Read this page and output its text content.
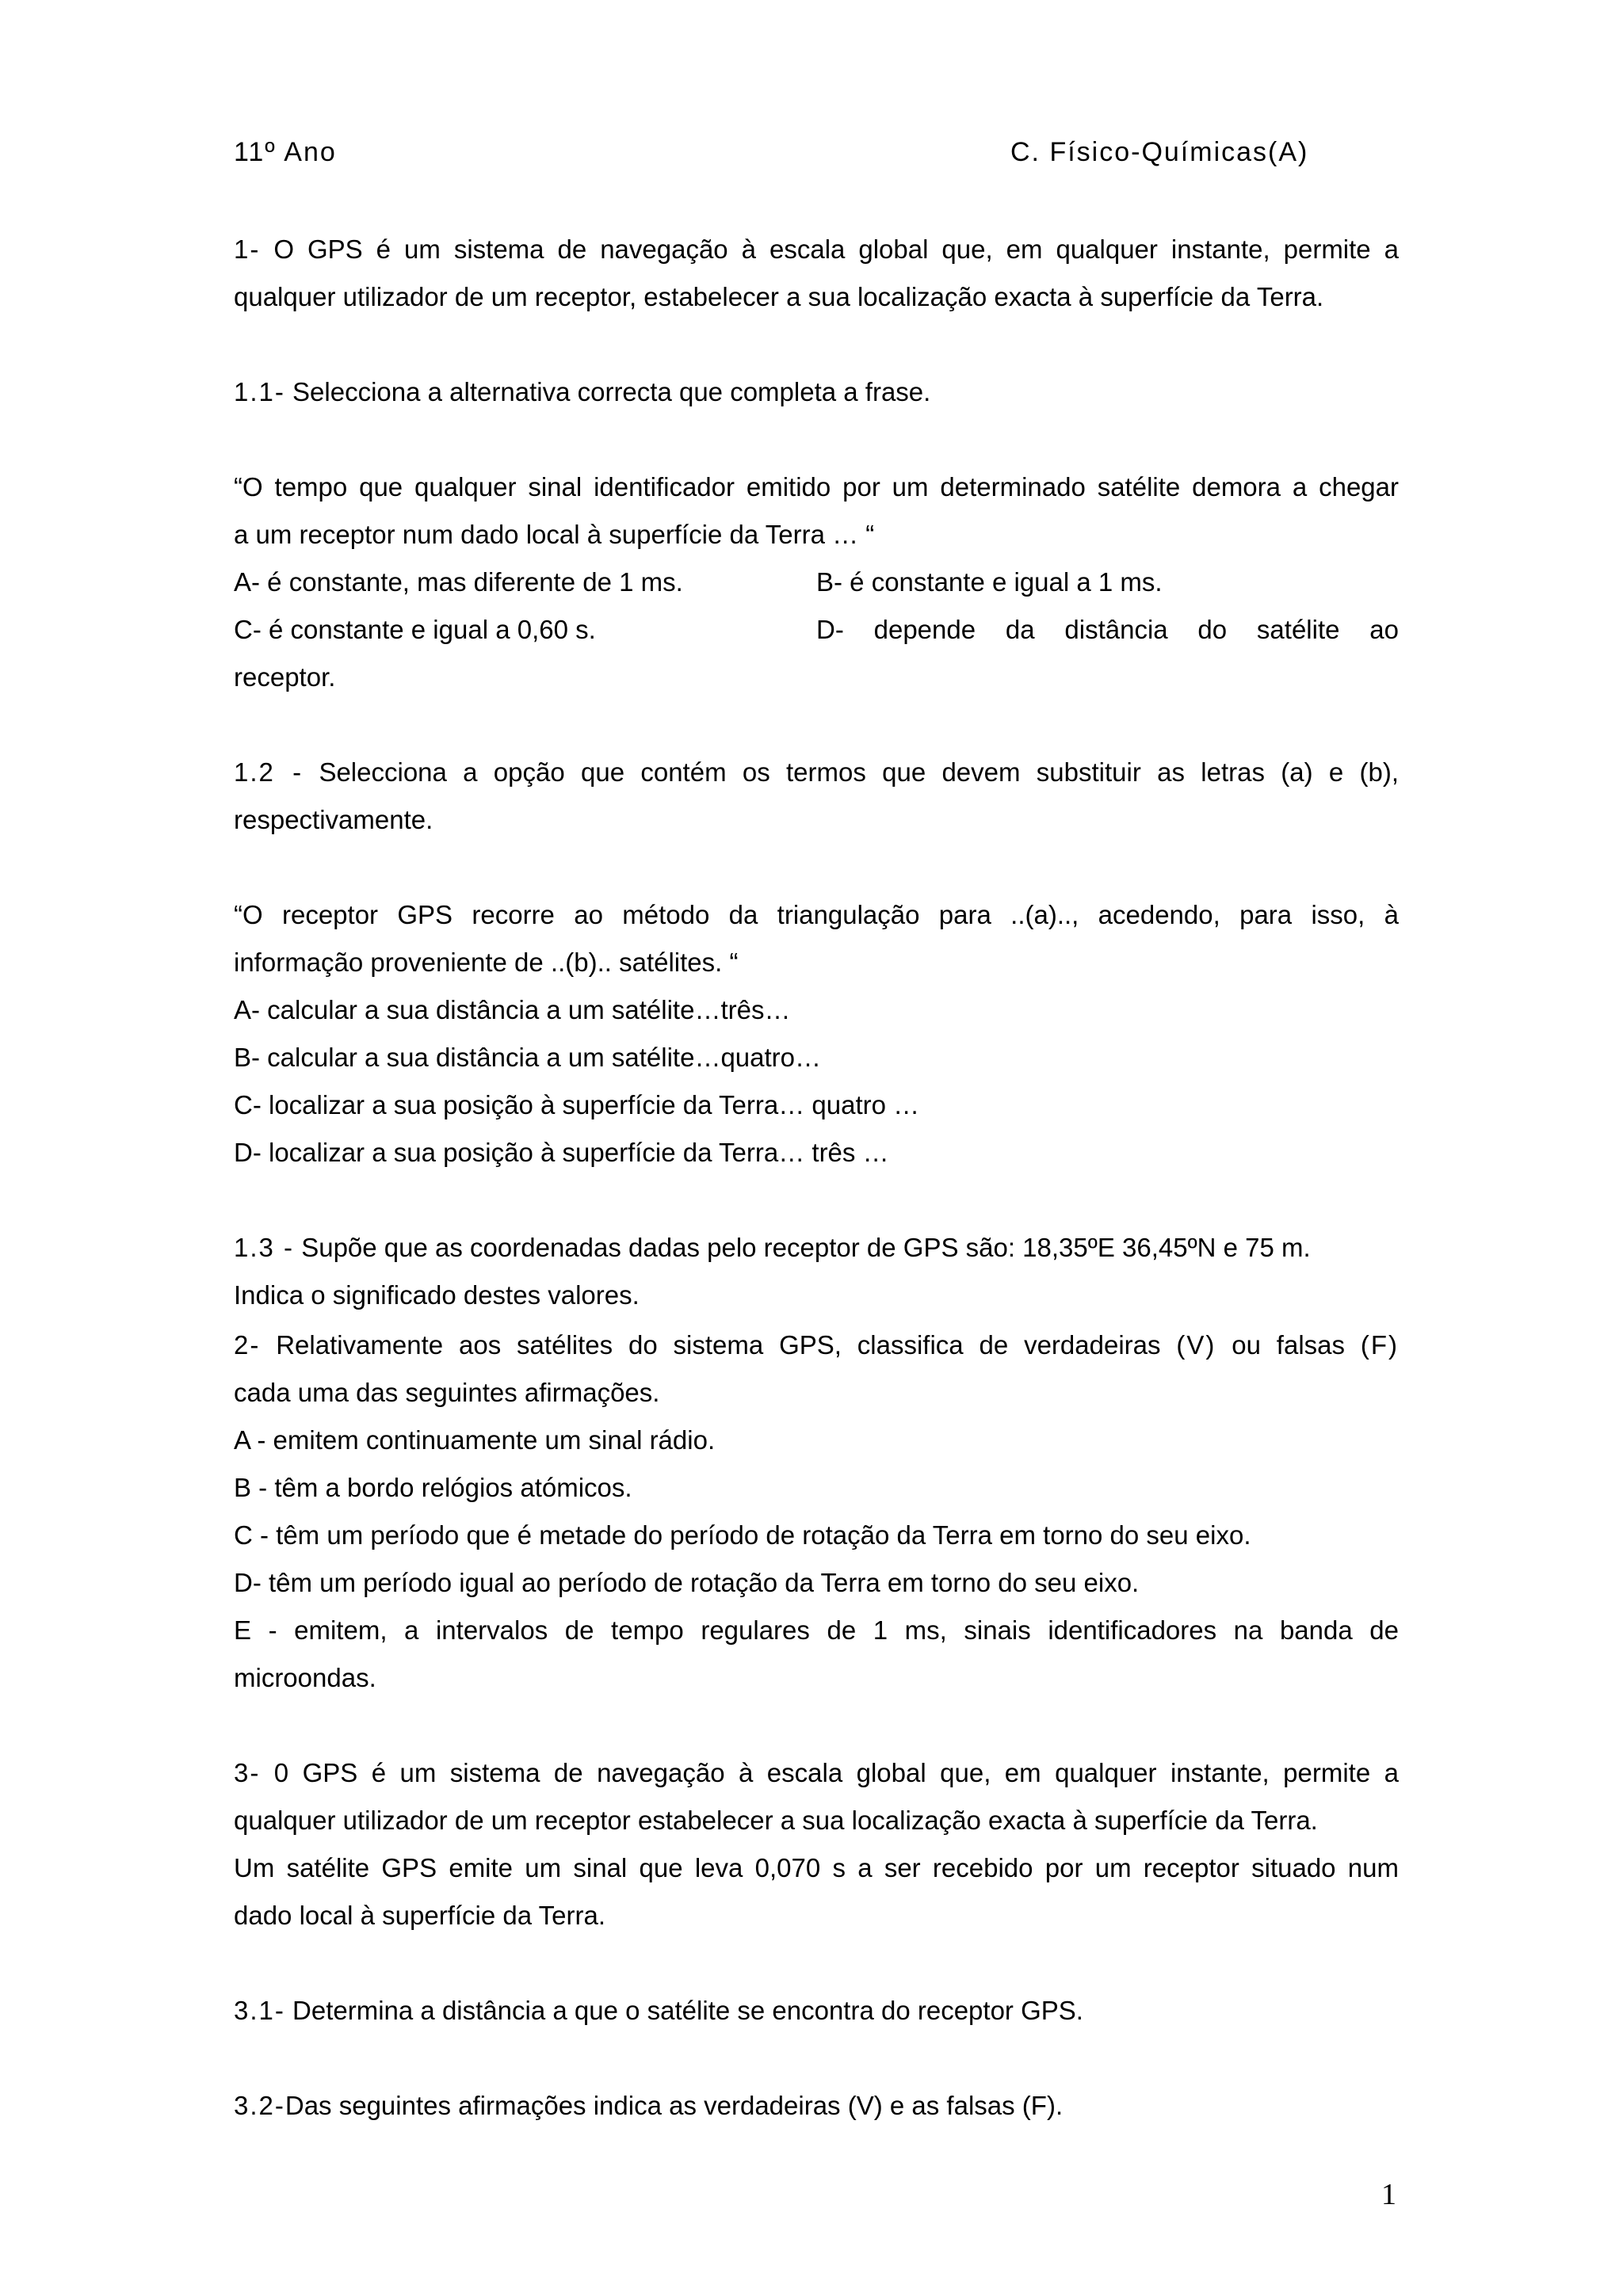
11º Ano	C. Físico-Químicas(A)
1- O GPS é um sistema de navegação à escala global que, em qualquer instante, permite a
qualquer utilizador de um receptor, estabelecer a sua localização exacta à superfície da Terra.
1.1- Selecciona a alternativa correcta que completa a frase.
“O tempo que qualquer sinal identificador emitido por um determinado satélite demora a chegar
a um receptor num dado local à superfície da Terra … “
A- é constante, mas diferente de 1 ms.	B- é constante e igual a 1 ms.
C- é constante e igual a 0,60 s.	D- depende da distância do satélite ao
receptor.
1.2 - Selecciona a opção que contém os termos que devem substituir as letras (a) e (b),
respectivamente.
“O receptor GPS recorre ao método da triangulação para ..(a).., acedendo, para isso, à
informação proveniente de ..(b).. satélites. “
A- calcular a sua distância a um satélite…três…
B- calcular a sua distância a um satélite…quatro…
C- localizar a sua posição à superfície da Terra… quatro …
D- localizar a sua posição à superfície da Terra… três …
1.3 - Supõe que as coordenadas dadas pelo receptor de GPS são: 18,35ºE 36,45ºN e 75 m.
Indica o significado destes valores.
2- Relativamente aos satélites do sistema GPS, classifica de verdadeiras (V) ou falsas (F)
cada uma das seguintes afirmações.
A - emitem continuamente um sinal rádio.
B - têm a bordo relógios atómicos.
C - têm um período que é metade do período de rotação da Terra em torno do seu eixo.
D- têm um período igual ao período de rotação da Terra em torno do seu eixo.
E - emitem, a intervalos de tempo regulares de 1 ms, sinais identificadores na banda de
microondas.
3- 0 GPS é um sistema de navegação à escala global que, em qualquer instante, permite a
qualquer utilizador de um receptor estabelecer a sua localização exacta à superfície da Terra.
Um satélite GPS emite um sinal que leva 0,070 s a ser recebido por um receptor situado num
dado local à superfície da Terra.
3.1- Determina a distância a que o satélite se encontra do receptor GPS.
3.2-Das seguintes afirmações indica as verdadeiras (V) e as falsas (F).
1
